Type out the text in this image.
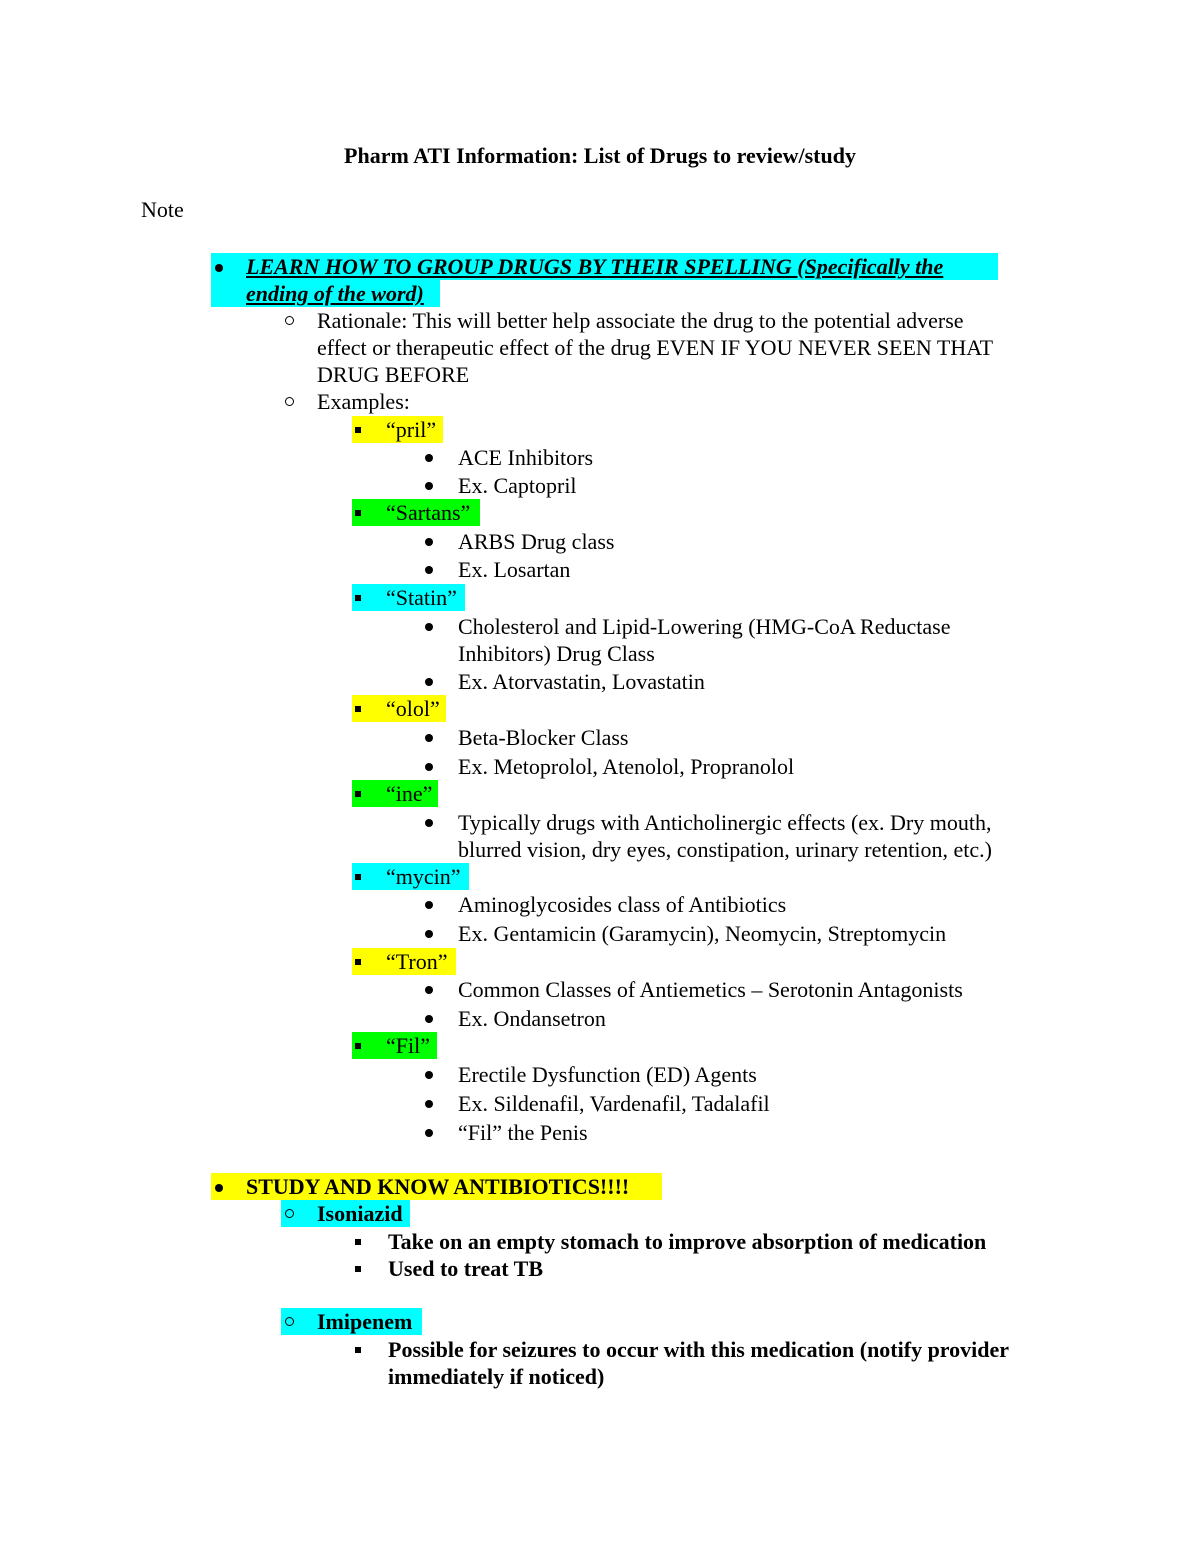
Pharm ATI Information: List of Drugs to review/study
Note
LEARN HOW TO GROUP DRUGS BY THEIR SPELLING (Specifically the
ending of the word)
Rationale: This will better help associate the drug to the potential adverse
effect or therapeutic effect of the drug EVEN IF YOU NEVER SEEN THAT
DRUG BEFORE
Examples:
“pril”
ACE Inhibitors
Ex. Captopril
“Sartans”
ARBS Drug class
Ex. Losartan
“Statin”
Cholesterol and Lipid-Lowering (HMG-CoA Reductase
Inhibitors) Drug Class
Ex. Atorvastatin, Lovastatin
“olol”
Beta-Blocker Class
Ex. Metoprolol, Atenolol, Propranolol
“ine”
Typically drugs with Anticholinergic effects (ex. Dry mouth,
blurred vision, dry eyes, constipation, urinary retention, etc.)
“mycin”
Aminoglycosides class of Antibiotics
Ex. Gentamicin (Garamycin), Neomycin, Streptomycin
“Tron”
Common Classes of Antiemetics – Serotonin Antagonists
Ex. Ondansetron
“Fil”
Erectile Dysfunction (ED) Agents
Ex. Sildenafil, Vardenafil, Tadalafil
“Fil” the Penis
STUDY AND KNOW ANTIBIOTICS!!!!
Isoniazid
Take on an empty stomach to improve absorption of medication
Used to treat TB
Imipenem
Possible for seizures to occur with this medication (notify provider
immediately if noticed)
